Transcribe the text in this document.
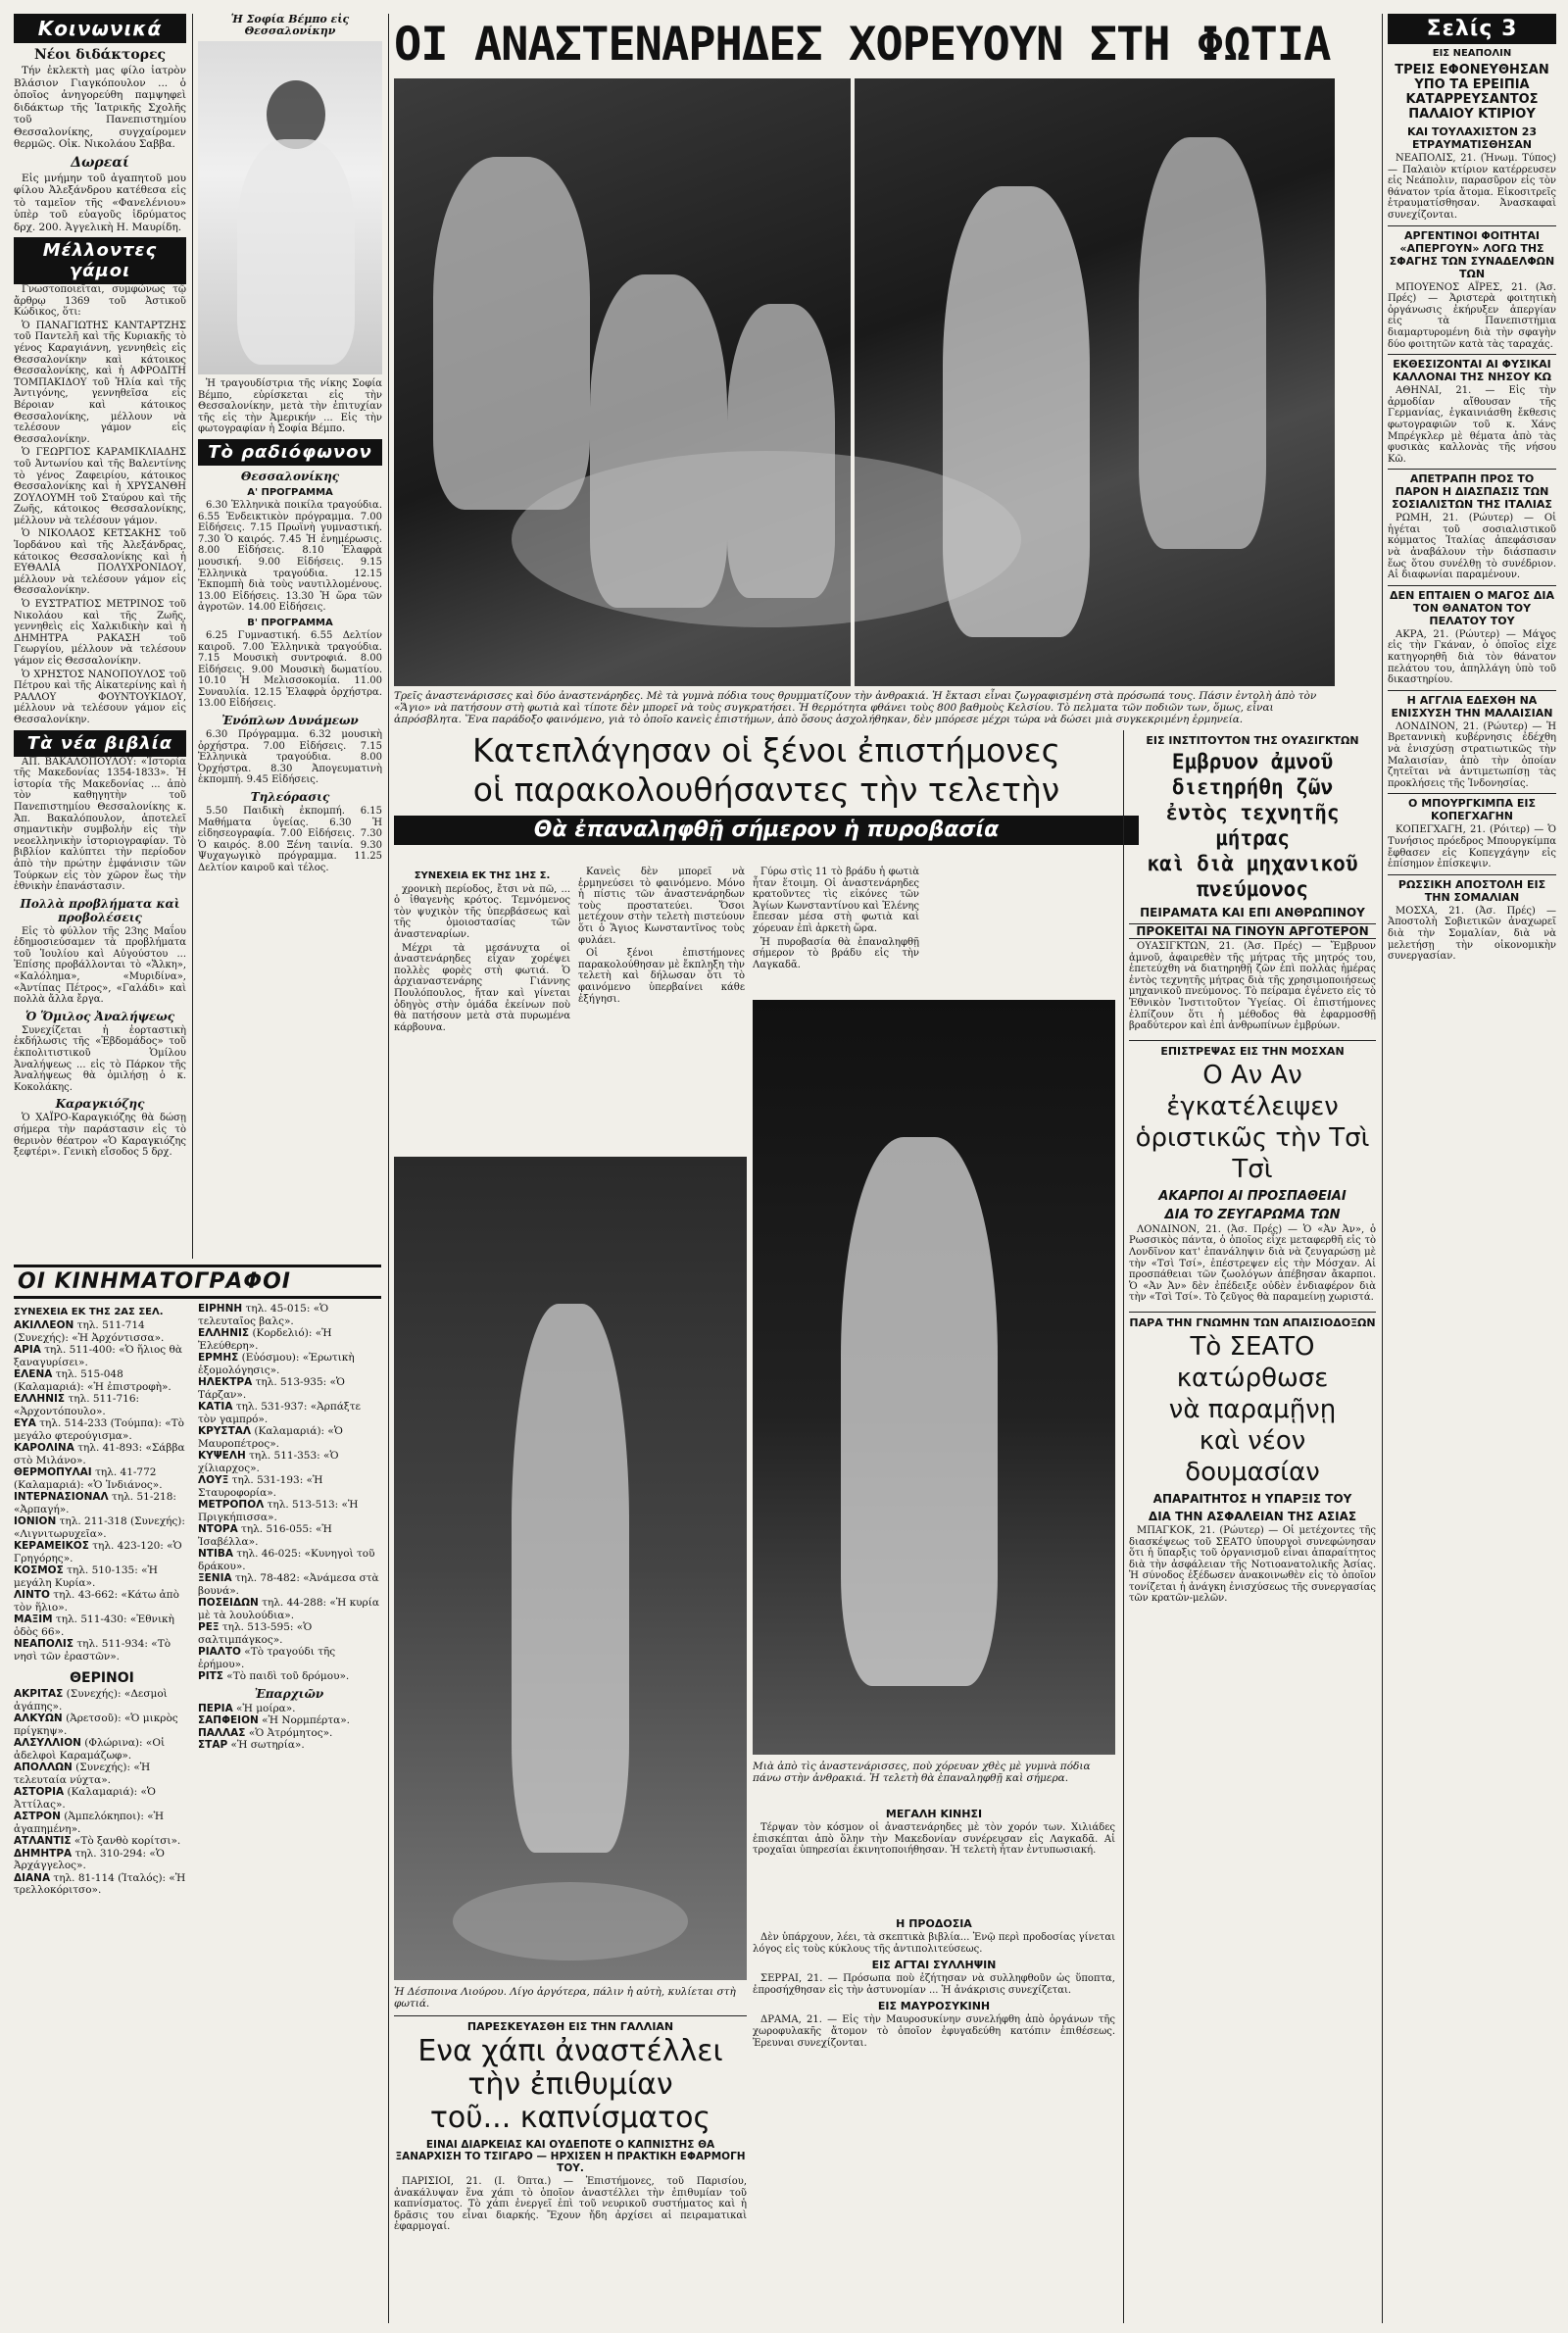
Κοινωνικά
Νέοι διδάκτορες

Τήν ἐκλεκτὴ μας φίλο ἰατρὸν Βλάσιον Γιαγκόπουλον ... ὁ ὁποῖος ἀνηγορεύθη παμψηφεὶ διδάκτωρ τῆς Ἰατρικῆς Σχολῆς τοῦ Πανεπιστημίου Θεσσαλονίκης, συγχαίρομεν θερμῶς. Οἰκ. Νικολάου Σαββα.

Δωρεαί

Εἰς μνήμην τοῦ ἀγαπητοῦ μου φίλου Ἀλεξάνδρου κατέθεσα εἰς τὸ ταμεῖον τῆς «Φανελένιου» ὑπὲρ τοῦ εὐαγοῦς ἱδρύματος δρχ. 200. Ἀγγελικὴ Η. Μαυρίδη.

Μέλλοντες γάμοι

Γνωστοποιεῖται, συμφώνως τῷ ἄρθρῳ 1369 τοῦ Ἀστικοῦ Κώδικος, ὅτι:

Ὁ ΠΑΝΑΓΙΩΤΗΣ ΚΑΝΤΑΡΤΖΗΣ τοῦ Παντελῆ καὶ τῆς Κυριακῆς τὸ γένος Καραγιάννη, γεννηθεὶς εἰς Θεσσαλονίκην καὶ κάτοικος Θεσσαλονίκης, καὶ ἡ ΑΦΡΟΔΙΤΗ ΤΟΜΠΑΚΙΔΟΥ τοῦ Ἠλία καὶ τῆς Ἀντιγόνης, γεννηθεῖσα εἰς Βέροιαν καὶ κάτοικος Θεσσαλονίκης, μέλλουν νὰ τελέσουν γάμον εἰς Θεσσαλονίκην.

Ὁ ΓΕΩΡΓΙΟΣ ΚΑΡΑΜΙΚΛΙΑΔΗΣ τοῦ Ἀντωνίου καὶ τῆς Βαλεντίνης τὸ γένος Ζαφειρίου, κάτοικος Θεσσαλονίκης καὶ ἡ ΧΡΥΣΑΝΘΗ ΖΟΥΛΟΥΜΗ τοῦ Σταύρου καὶ τῆς Ζωῆς, κάτοικος Θεσσαλονίκης, μέλλουν νὰ τελέσουν γάμον.

Ὁ ΝΙΚΟΛΑΟΣ ΚΕΤΣΑΚΗΣ τοῦ Ἰορδάνου καὶ τῆς Ἀλεξάνδρας, κάτοικος Θεσσαλονίκης καὶ ἡ ΕΥΘΑΛΙΑ ΠΟΛΥΧΡΟΝΙΔΟΥ, μέλλουν νὰ τελέσουν γάμον εἰς Θεσσαλονίκην.

Ὁ ΕΥΣΤΡΑΤΙΟΣ ΜΕΤΡΙΝΟΣ τοῦ Νικολάου καὶ τῆς Ζωῆς, γεννηθεὶς εἰς Χαλκιδικὴν καὶ ἡ ΔΗΜΗΤΡΑ ΡΑΚΑΣΗ τοῦ Γεωργίου, μέλλουν νὰ τελέσουν γάμον εἰς Θεσσαλονίκην.

Ὁ ΧΡΗΣΤΟΣ ΝΑΝΟΠΟΥΛΟΣ τοῦ Πέτρου καὶ τῆς Αἰκατερίνης καὶ ἡ ΡΑΛΛΟΥ ΦΟΥΝΤΟΥΚΙΔΟΥ, μέλλουν νὰ τελέσουν γάμον εἰς Θεσσαλονίκην.

Τὰ νέα βιβλία

ΑΠ. ΒΑΚΑΛΟΠΟΥΛΟΥ: «Ἱστορία τῆς Μακεδονίας 1354-1833». Ἡ ἱστορία τῆς Μακεδονίας ... ἀπὸ τὸν καθηγητὴν τοῦ Πανεπιστημίου Θεσσαλονίκης κ. Ἀπ. Βακαλόπουλον, ἀποτελεῖ σημαντικὴν συμβολὴν εἰς τὴν νεοελληνικὴν ἱστοριογραφίαν. Τὸ βιβλίον καλύπτει τὴν περίοδον ἀπὸ τὴν πρώτην ἐμφάνισιν τῶν Τούρκων εἰς τὸν χῶρον ἕως τὴν ἐθνικὴν ἐπανάστασιν.

Πολλὰ προβλήματα καὶ προβολέσεις

Εἰς τὸ φύλλον τῆς 23ης Μαΐου ἐδημοσιεύσαμεν τὰ προβλήματα τοῦ Ἰουλίου καὶ Αὐγούστου ... Ἐπίσης προβάλλονται τὸ «Ἄλκη», «Καλόλημα», «Μυριδίνα», «Ἀντίπας Πέτρος», «Γαλάδι» καὶ πολλὰ ἄλλα ἔργα.

Ὁ Ὅμιλος Ἀναλήψεως

Συνεχίζεται ἡ ἑορταστικὴ ἐκδήλωσις τῆς «Ἑβδομάδος» τοῦ ἐκπολιτιστικοῦ Ὁμίλου Ἀναλήψεως ... εἰς τὸ Πάρκον τῆς Ἀναλήψεως θὰ ὁμιλήσῃ ὁ κ. Κοκολάκης.

Καραγκιόζης

Ὁ ΧΑΪΡΟ-Καραγκιόζης θὰ δώσῃ σήμερα τὴν παράστασιν εἰς τὸ θερινὸν θέατρον «Ὁ Καραγκιόζης ξεφτέρι». Γενικὴ εἴσοδος 5 δρχ.

ΟΙ ΚΙΝΗΜΑΤΟΓΡΑΦΟΙ
ΣΥΝΕΧΕΙΑ ΕΚ ΤΗΣ 2ΑΣ ΣΕΛ.
ΑΚΙΛΛΕΟΝ τηλ. 511-714 (Συνεχής): «Ἡ Ἀρχόντισσα».
ΑΡΙΑ τηλ. 511-400: «Ὁ ἥλιος θὰ ξαναγυρίσει».
ΕΛΕΝΑ τηλ. 515-048 (Καλαμαριά): «Ἡ ἐπιστροφὴ».
ΕΛΛΗΝΙΣ τηλ. 511-716: «Ἀρχοντόπουλο».
ΕΥΑ τηλ. 514-233 (Τούμπα): «Τὸ μεγάλο φτερούγισμα».
ΚΑΡΟΛΙΝΑ τηλ. 41-893: «Σάββα στὸ Μιλάνο».
ΘΕΡΜΟΠΥΛΑΙ τηλ. 41-772 (Καλαμαριά): «Ὁ Ἰνδιάνος».
ΙΝΤΕΡΝΑΣΙΟΝΑΛ τηλ. 51-218: «Ἀρπαγή».
ΙΟΝΙΟΝ τηλ. 211-318 (Συνεχής): «Λιγνιτωρυχεῖα».
ΚΕΡΑΜΕΙΚΟΣ τηλ. 423-120: «Ὁ Γρηγόρης».
ΚΟΣΜΟΣ τηλ. 510-135: «Ἡ μεγάλη Κυρία».
ΛΙΝΤΟ τηλ. 43-662: «Κάτω ἀπὸ τὸν ἥλιο».
ΜΑΞΙΜ τηλ. 511-430: «Ἐθνικὴ ὁδὸς 66».
ΝΕΑΠΟΛΙΣ τηλ. 511-934: «Τὸ νησὶ τῶν ἐραστῶν».
ΘΕΡΙΝΟΙ
ΑΚΡΙΤΑΣ (Συνεχής): «Δεσμοὶ ἀγάπης».
ΑΛΚΥΩΝ (Ἀρετσοῦ): «Ὁ μικρὸς πρίγκηψ».
ΑΛΣΥΛΛΙΟΝ (Φλώρινα): «Οἱ ἀδελφοὶ Καραμάζωφ».
ΑΠΟΛΛΩΝ (Συνεχής): «Ἡ τελευταία νύχτα».
ΑΣΤΟΡΙΑ (Καλαμαριά): «Ὁ Ἀττίλας».
ΑΣΤΡΟΝ (Ἀμπελόκηποι): «Ἡ ἀγαπημένη».
ΑΤΛΑΝΤΙΣ «Τὸ ξανθὸ κορίτσι».
ΔΗΜΗΤΡΑ τηλ. 310-294: «Ὁ Ἀρχάγγελος».
ΔΙΑΝΑ τηλ. 81-114 (Ἰταλός): «Ἡ τρελλοκόριτσο».
ΕΙΡΗΝΗ τηλ. 45-015: «Ὁ τελευταῖος βαλς».
ΕΛΛΗΝΙΣ (Κορδελιό): «Ἡ Ἐλεύθερη».
ΕΡΜΗΣ (Εὐόσμου): «Ἐρωτικὴ ἐξομολόγησις».
ΗΛΕΚΤΡΑ τηλ. 513-935: «Ὁ Τάρζαν».
ΚΑΤΙΑ τηλ. 531-937: «Ἀρπάξτε τὸν γαμπρό».
ΚΡΥΣΤΑΛ (Καλαμαριά): «Ὁ Μαυροπέτρος».
ΚΥΨΕΛΗ τηλ. 511-353: «Ὁ χίλιαρχος».
ΛΟΥΞ τηλ. 531-193: «Ἡ Σταυροφορία».
ΜΕΤΡΟΠΟΛ τηλ. 513-513: «Ἡ Πριγκήπισσα».
ΝΤΟΡΑ τηλ. 516-055: «Ἡ Ἰσαβέλλα».
ΝΤΙΒΑ τηλ. 46-025: «Κυνηγοὶ τοῦ δράκου».
ΞΕΝΙΑ τηλ. 78-482: «Ἀνάμεσα στὰ βουνά».
ΠΟΣΕΙΔΩΝ τηλ. 44-288: «Ἡ κυρία μὲ τὰ λουλούδια».
ΡΕΞ τηλ. 513-595: «Ὁ σαλτιμπάγκος».
ΡΙΑΛΤΟ «Τὸ τραγούδι τῆς ἐρήμου».
ΡΙΤΣ «Τὸ παιδὶ τοῦ δρόμου».
Ἐπαρχιῶν
ΠΕΡΙΑ «Ἡ μοίρα».
ΣΑΠΦΕΙΟΝ «Ἡ Νορμπέρτα».
ΠΑΛΛΑΣ «Ὁ Ἀτρόμητος».
ΣΤΑΡ «Ἡ σωτηρία».
Ἡ Σοφία Βέμπο εἰς Θεσσαλονίκην

Ἡ τραγουδίστρια τῆς νίκης Σοφία Βέμπο, εὑρίσκεται εἰς τὴν Θεσσαλονίκην, μετὰ τὴν ἐπιτυχίαν τῆς εἰς τὴν Ἀμερικήν ... Εἰς τὴν φωτογραφίαν ἡ Σοφία Βέμπο.

Τὸ ραδιόφωνον
Θεσσαλονίκης
Α' ΠΡΟΓΡΑΜΜΑ

6.30 Ἑλληνικὰ ποικίλα τραγούδια. 6.55 Ἐνδεικτικὸν πρόγραμμα. 7.00 Εἰδήσεις. 7.15 Πρωϊνὴ γυμναστική. 7.30 Ὁ καιρός. 7.45 Ἡ ἐνημέρωσις. 8.00 Εἰδήσεις. 8.10 Ἐλαφρὰ μουσική. 9.00 Εἰδήσεις. 9.15 Ἑλληνικὰ τραγούδια. 12.15 Ἐκπομπὴ διὰ τοὺς ναυτιλλομένους. 13.00 Εἰδήσεις. 13.30 Ἡ ὥρα τῶν ἀγροτῶν. 14.00 Εἰδήσεις.

Β' ΠΡΟΓΡΑΜΜΑ

6.25 Γυμναστική. 6.55 Δελτίον καιροῦ. 7.00 Ἑλληνικὰ τραγούδια. 7.15 Μουσικὴ συντροφιά. 8.00 Εἰδήσεις. 9.00 Μουσικὴ δωματίου. 10.10 Ἡ Μελισσοκομία. 11.00 Συναυλία. 12.15 Ἐλαφρὰ ὀρχήστρα. 13.00 Εἰδήσεις.

Ἐνόπλων Δυνάμεων

6.30 Πρόγραμμα. 6.32 μουσικὴ ὀρχήστρα. 7.00 Εἰδήσεις. 7.15 Ἑλληνικὰ τραγούδια. 8.00 Ὀρχήστρα. 8.30 Ἀπογευματινὴ ἐκπομπή. 9.45 Εἰδήσεις.

Τηλεόρασις

5.50 Παιδικὴ ἐκπομπή. 6.15 Μαθήματα ὑγείας. 6.30 Ἡ εἰδησεογραφία. 7.00 Εἰδήσεις. 7.30 Ὁ καιρός. 8.00 Ξένη ταινία. 9.30 Ψυχαγωγικὸ πρόγραμμα. 11.25 Δελτίον καιροῦ καὶ τέλος.

ΟΙ ΑΝΑΣΤΕΝΑΡΗΔΕΣ ΧΟΡΕΥΟΥΝ ΣΤΗ ΦΩΤΙΑ
Τρεῖς ἀναστενάρισσες καὶ δύο ἀναστενάρηδες. Μὲ τὰ γυμνὰ πόδια τους θρυμματίζουν τὴν ἀνθρακιά. Ἡ ἔκτασι εἶναι ζωγραφισμένη στὰ πρόσωπά τους. Πάσιν ἐντολὴ ἀπὸ τὸν «Ἅγιο» νὰ πατήσουν στὴ φωτιὰ καὶ τίποτε δὲν μπορεῖ νὰ τοὺς συγκρατήσει. Ἡ θερμότητα φθάνει τοὺς 800 βαθμοὺς Κελσίου. Τὸ πελματα τῶν ποδιῶν των, ὅμως, εἶναι ἀπρόσβλητα. Ἕνα παράδοξο φαινόμενο, γιὰ τὸ ὁποῖο κανεὶς ἐπιστήμων, ἀπὸ ὅσους ἀσχολήθηκαν, δὲν μπόρεσε μέχρι τώρα νὰ δώσει μιὰ συγκεκριμένη ἑρμηνεία.
Κατεπλάγησαν οἱ ξένοι ἐπιστήμονες
οἱ παρακολουθήσαντες τὴν τελετὴν
Θὰ ἐπαναληφθῇ σήμερον ἡ πυροβασία
ΣΥΝΕΧΕΙΑ ΕΚ ΤΗΣ 1ΗΣ Σ.

χρονικὴ περίοδος, ἔτσι νὰ πῶ, ... ὁ ἰθαγενὴς κρότος. Τεμνόμενος τὸν ψυχικὸν τῆς ὑπερβάσεως καὶ τῆς ὁμοιοστασίας τῶν ἀναστεναρίων.

Μέχρι τὰ μεσάνυχτα οἱ ἀναστενάρηδες εἶχαν χορέψει πολλὲς φορὲς στὴ φωτιά. Ὁ ἀρχιαναστενάρης Γιάννης Πουλόπουλος, ἤταν καὶ γίνεται ὁδηγὸς στὴν ὁμάδα ἐκείνων ποὺ θὰ πατήσουν μετὰ στὰ πυρωμένα κάρβουνα.

Κανεὶς δὲν μπορεῖ νὰ ἑρμηνεύσει τὸ φαινόμενο. Μόνο ἡ πίστις τῶν ἀναστενάρηδων τοὺς προστατεύει. Ὅσοι μετέχουν στὴν τελετὴ πιστεύουν ὅτι ὁ Ἅγιος Κωνσταντῖνος τοὺς φυλάει.

Οἱ ξένοι ἐπιστήμονες παρακολούθησαν μὲ ἔκπληξη τὴν τελετὴ καὶ δήλωσαν ὅτι τὸ φαινόμενο ὑπερβαίνει κάθε ἐξήγησι.

Γύρω στὶς 11 τὸ βράδυ ἡ φωτιὰ ἦταν ἕτοιμη. Οἱ ἀναστενάρηδες κρατοῦντες τὶς εἰκόνες τῶν Ἁγίων Κωνσταντίνου καὶ Ἑλένης ἔπεσαν μέσα στὴ φωτιὰ καὶ χόρευαν ἐπὶ ἀρκετὴ ὥρα.

Ἡ πυροβασία θὰ ἐπαναληφθῇ σήμερον τὸ βράδυ εἰς τὴν Λαγκαδᾶ.

Ἡ Δέσποινα Λιούρου. Λίγο ἀργότερα, πάλιν ἡ αὐτὴ, κυλίεται στὴ φωτιά.
Μιὰ ἀπὸ τὶς ἀναστενάρισσες, ποὺ χόρευαν χθὲς μὲ γυμνὰ πόδια πάνω στὴν ἀνθρακιά. Ἡ τελετὴ θὰ ἐπαναληφθῇ καὶ σήμερα.
ΜΕΓΑΛΗ ΚΙΝΗΣΙ

Τέρψαν τὸν κόσμον οἱ ἀναστενάρηδες μὲ τὸν χορόν των. Χιλιάδες ἐπισκέπται ἀπὸ ὅλην τὴν Μακεδονίαν συνέρευσαν εἰς Λαγκαδᾶ. Αἱ τροχαῖαι ὑπηρεσίαι ἐκινητοποιήθησαν. Ἡ τελετὴ ἦταν ἐντυπωσιακή.

ΠΑΡΕΣΚΕΥΑΣΘΗ ΕΙΣ ΤΗΝ ΓΑΛΛΙΑΝ
Ενα χάπι ἀναστέλλει
τὴν ἐπιθυμίαν
τοῦ... καπνίσματος
ΕΙΝΑΙ ΔΙΑΡΚΕΙΑΣ ΚΑΙ ΟΥΔΕΠΟΤΕ Ο ΚΑΠΝΙΣΤΗΣ ΘΑ ΞΑΝΑΡΧΙΣΗ ΤΟ ΤΣΙΓΑΡΟ — ΗΡΧΙΣΕΝ Η ΠΡΑΚΤΙΚΗ ΕΦΑΡΜΟΓΗ ΤΟΥ.

ΠΑΡΙΣΙΟΙ, 21. (Ι. Όπτα.) — Ἐπιστήμονες, τοῦ Παρισίου, ἀνακάλυψαν ἕνα χάπι τὸ ὁποῖον ἀναστέλλει τὴν ἐπιθυμίαν τοῦ καπνίσματος. Τὸ χάπι ἐνεργεῖ ἐπὶ τοῦ νευρικοῦ συστήματος καὶ ἡ δρᾶσις του εἶναι διαρκής. Ἔχουν ἤδη ἀρχίσει αἱ πειραματικαὶ ἐφαρμογαί.

Η ΠΡΟΔΟΣΙΑ

Δὲν ὑπάρχουν, λέει, τὰ σκεπτικὰ βιβλία... Ἐνῷ περὶ προδοσίας γίνεται λόγος εἰς τοὺς κύκλους τῆς ἀντιπολιτεύσεως.

ΕΙΣ ΑΓΤΑΙ ΣΥΛΛΗΨΙΝ

ΣΕΡΡΑΙ, 21. — Πρόσωπα ποὺ ἐζήτησαν νὰ συλληφθοῦν ὡς ὕποπτα, ἐπροσήχθησαν εἰς τὴν ἀστυνομίαν ... Ἡ ἀνάκρισις συνεχίζεται.

ΕΙΣ ΜΑΥΡΟΣΥΚΙΝΗ

ΔΡΑΜΑ, 21. — Εἰς τὴν Μαυροσυκίνην συνελήφθη ἀπὸ ὀργάνων τῆς χωροφυλακῆς ἄτομον τὸ ὁποῖον ἐφυγαδεύθη κατόπιν ἐπιθέσεως. Ἐρευναι συνεχίζονται.

ΕΙΣ ΙΝΣΤΙΤΟΥΤΟΝ ΤΗΣ ΟΥΑΣΙΓΚΤΩΝ
Εμβρυον ἀμνοῦ διετηρήθη ζῶν
ἐντὸς τεχνητῆς μήτρας
καὶ διὰ μηχανικοῦ πνεύμονος
ΠΕΙΡΑΜΑΤΑ ΚΑΙ ΕΠΙ ΑΝΘΡΩΠΙΝΟΥ
ΠΡΟΚΕΙΤΑΙ ΝΑ ΓΙΝΟΥΝ ΑΡΓΟΤΕΡΟΝ

ΟΥΑΣΙΓΚΤΩΝ, 21. (Ἀσ. Πρές) — Ἔμβρυον ἀμνοῦ, ἀφαιρεθὲν τῆς μήτρας τῆς μητρός του, ἐπετεύχθη νὰ διατηρηθῇ ζῶν ἐπὶ πολλὰς ἡμέρας ἐντὸς τεχνητῆς μήτρας διὰ τῆς χρησιμοποιήσεως μηχανικοῦ πνεύμονος. Τὸ πείραμα ἐγένετο εἰς τὸ Ἐθνικὸν Ἰνστιτοῦτον Ὑγείας. Οἱ ἐπιστήμονες ἐλπίζουν ὅτι ἡ μέθοδος θὰ ἐφαρμοσθῇ βραδύτερον καὶ ἐπὶ ἀνθρωπίνων ἐμβρύων.

ΕΠΙΣΤΡΕΨΑΣ ΕΙΣ ΤΗΝ ΜΟΣΧΑΝ
Ο Αν Αν ἐγκατέλειψεν
ὁριστικῶς τὴν Τσὶ Τσὶ
ΑΚΑΡΠΟΙ ΑΙ ΠΡΟΣΠΑΘΕΙΑΙ
ΔΙΑ ΤΟ ΖΕΥΓΑΡΩΜΑ ΤΩΝ

ΛΟΝΔΙΝΟΝ, 21. (Ἀσ. Πρές) — Ὁ «Ἀν Ἀν», ὁ Ρωσσικὸς πάντα, ὁ ὁποῖος εἶχε μεταφερθῆ εἰς τὸ Λονδῖνον κατ' ἐπανάληψιν διὰ νὰ ζευγαρώσῃ μὲ τὴν «Τσὶ Τσί», ἐπέστρεψεν εἰς τὴν Μόσχαν. Αἱ προσπάθειαι τῶν ζωολόγων ἀπέβησαν ἄκαρποι. Ὁ «Ἀν Ἀν» δὲν ἐπέδειξε οὐδὲν ἐνδιαφέρον διὰ τὴν «Τσὶ Τσί». Τὸ ζεῦγος θὰ παραμείνῃ χωριστά.

ΠΑΡΑ ΤΗΝ ΓΝΩΜΗΝ ΤΩΝ ΑΠΑΙΣΙΟΔΟΞΩΝ
Τὸ ΣΕΑΤΟ κατώρθωσε
νὰ παραμῇνῃ
καὶ νέον δουμασίαν
ΑΠΑΡΑΙΤΗΤΟΣ Η ΥΠΑΡΞΙΣ ΤΟΥ
ΔΙΑ ΤΗΝ ΑΣΦΑΛΕΙΑΝ ΤΗΣ ΑΣΙΑΣ

ΜΠΑΓΚΟΚ, 21. (Ρώυτερ) — Οἱ μετέχοντες τῆς διασκέψεως τοῦ ΣΕΑΤΟ ὑπουργοὶ συνεφώνησαν ὅτι ἡ ὕπαρξις τοῦ ὀργανισμοῦ εἶναι ἀπαραίτητος διὰ τὴν ἀσφάλειαν τῆς Νοτιοανατολικῆς Ἀσίας. Ἡ σύνοδος ἐξέδωσεν ἀνακοινωθὲν εἰς τὸ ὁποῖον τονίζεται ἡ ἀνάγκη ἐνισχύσεως τῆς συνεργασίας τῶν κρατῶν-μελῶν.

Σελίς 3
ΕΙΣ ΝΕΑΠΟΛΙΝ
ΤΡΕΙΣ ΕΦΟΝΕΥΘΗΣΑΝ ΥΠΟ ΤΑ ΕΡΕΙΠΙΑ ΚΑΤΑΡΡΕΥΣΑΝΤΟΣ ΠΑΛΑΙΟΥ ΚΤΙΡΙΟΥ
ΚΑΙ ΤΟΥΛΑΧΙΣΤΟΝ 23 ΕΤΡΑΥΜΑΤΙΣΘΗΣΑΝ

ΝΕΑΠΟΛΙΣ, 21. (Ἡνωμ. Τύπος) — Παλαιὸν κτίριον κατέρρευσεν εἰς Νεάπολιν, παρασῦρον εἰς τὸν θάνατον τρία ἄτομα. Εἰκοσιτρεῖς ἐτραυματίσθησαν. Ἀνασκαφαὶ συνεχίζονται.

ΑΡΓΕΝΤΙΝΟΙ ΦΟΙΤΗΤΑΙ «ΑΠΕΡΓΟΥΝ» ΛΟΓΩ ΤΗΣ ΣΦΑΓΗΣ ΤΩΝ ΣΥΝΑΔΕΛΦΩΝ ΤΩΝ

ΜΠΟΥΕΝΟΣ ΑΪΡΕΣ, 21. (Ἀσ. Πρές) — Ἀριστερὰ φοιτητικὴ ὀργάνωσις ἐκήρυξεν ἀπεργίαν εἰς τὰ Πανεπιστήμια διαμαρτυρομένη διὰ τὴν σφαγὴν δύο φοιτητῶν κατὰ τὰς ταραχάς.

ΕΚΘΕΣΙΖΟΝΤΑΙ ΑΙ ΦΥΣΙΚΑΙ ΚΑΛΛΟΝΑΙ ΤΗΣ ΝΗΣΟΥ ΚΩ

ΑΘΗΝΑΙ, 21. — Εἰς τὴν ἀρμοδίαν αἴθουσαν τῆς Γερμανίας, ἐγκαινιάσθη ἔκθεσις φωτογραφιῶν τοῦ κ. Χάνς Μπρέγκλερ μὲ θέματα ἀπὸ τὰς φυσικὰς καλλονὰς τῆς νήσου Κῶ.

ΑΠΕΤΡΑΠΗ ΠΡΟΣ ΤΟ ΠΑΡΟΝ Η ΔΙΑΣΠΑΣΙΣ ΤΩΝ ΣΟΣΙΑΛΙΣΤΩΝ ΤΗΣ ΙΤΑΛΙΑΣ

ΡΩΜΗ, 21. (Ρώυτερ) — Οἱ ἡγέται τοῦ σοσιαλιστικοῦ κόμματος Ἰταλίας ἀπεφάσισαν νὰ ἀναβάλουν τὴν διάσπασιν ἕως ὅτου συνέλθῃ τὸ συνέδριον. Αἱ διαφωνίαι παραμένουν.

ΔΕΝ ΕΠΤΑΙΕΝ Ο ΜΑΓΟΣ ΔΙΑ ΤΟΝ ΘΑΝΑΤΟΝ ΤΟΥ ΠΕΛΑΤΟΥ ΤΟΥ

ΑΚΡΑ, 21. (Ρώυτερ) — Μάγος εἰς τὴν Γκάναν, ὁ ὁποῖος εἶχε κατηγορηθῆ διὰ τὸν θάνατον πελάτου του, ἀπηλλάγη ὑπὸ τοῦ δικαστηρίου.

Η ΑΓΓΛΙΑ ΕΔΕΧΘΗ ΝΑ ΕΝΙΣΧΥΣΗ ΤΗΝ ΜΑΛΑΙΣΙΑΝ

ΛΟΝΔΙΝΟΝ, 21. (Ρώυτερ) — Ἡ Βρεταννικὴ κυβέρνησις ἐδέχθη νὰ ἐνισχύσῃ στρατιωτικῶς τὴν Μαλαισίαν, ἀπὸ τὴν ὁποίαν ζητεῖται νὰ ἀντιμετωπίσῃ τὰς προκλήσεις τῆς Ἰνδονησίας.

Ο ΜΠΟΥΡΓΚΙΜΠΑ ΕΙΣ ΚΟΠΕΓΧΑΓΗΝ

ΚΟΠΕΓΧΑΓΗ, 21. (Ρόιτερ) — Ὁ Τυνήσιος πρόεδρος Μπουργκίμπα ἔφθασεν εἰς Κοπεγχάγην εἰς ἐπίσημον ἐπίσκεψιν.

ΡΩΣΣΙΚΗ ΑΠΟΣΤΟΛΗ ΕΙΣ ΤΗΝ ΣΟΜΑΛΙΑΝ

ΜΟΣΧΑ, 21. (Ἀσ. Πρές) — Ἀποστολὴ Σοβιετικῶν ἀναχωρεῖ διὰ τὴν Σομαλίαν, διὰ νὰ μελετήσῃ τὴν οἰκονομικὴν συνεργασίαν.
